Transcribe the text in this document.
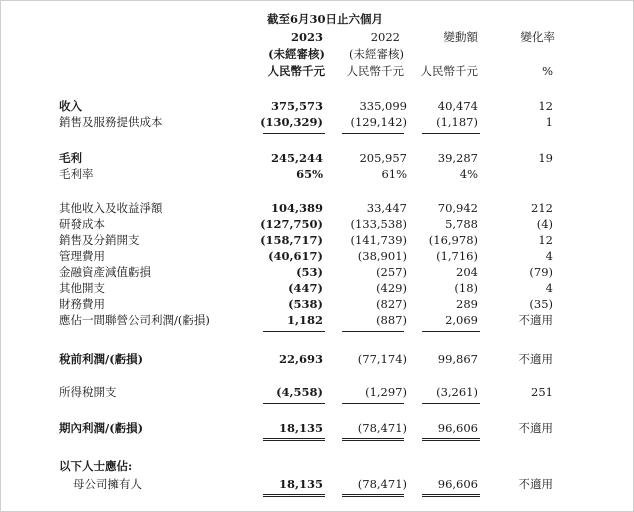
截至6月30日止六個月
2023	2022	變動額	變化率
(未經審核) (未經審核)
人民幣千元 人民幣千元 人民幣千元	%
收入	375,573	335,099	40,474	12
銷售及服務提供成本	(130,329) (129,142)	(1,187)	1
毛利	245,244	205,957	39,287	19
毛利率	65%	61%	4%
其他收入及收益淨額	104,389	33,447	70,942	212
研發成本	(127,750) (133,538)	5,788	(4)
銷售及分銷開支	(158,717) (141,739) (16,978)	12
管理費用	(40,617)	(38,901)	(1,716)	4
金融資產減值虧損	(53)	(257)	204	(79)
其他開支	(447)	(429)	(18)	4
財務費用	(538)	(827)	289	(35)
應佔一間聯營公司利潤/(虧損)	1,182	(887)	2,069	不適用
稅前利潤/(虧損)	22,693	(77,174)	99,867	不適用
所得稅開支	(4,558)	(1,297)	(3,261)	251
期內利潤/(虧損)	18,135	(78,471)	96,606	不適用
以下人士應佔:
母公司擁有人	18,135	(78,471)	96,606	不適用
